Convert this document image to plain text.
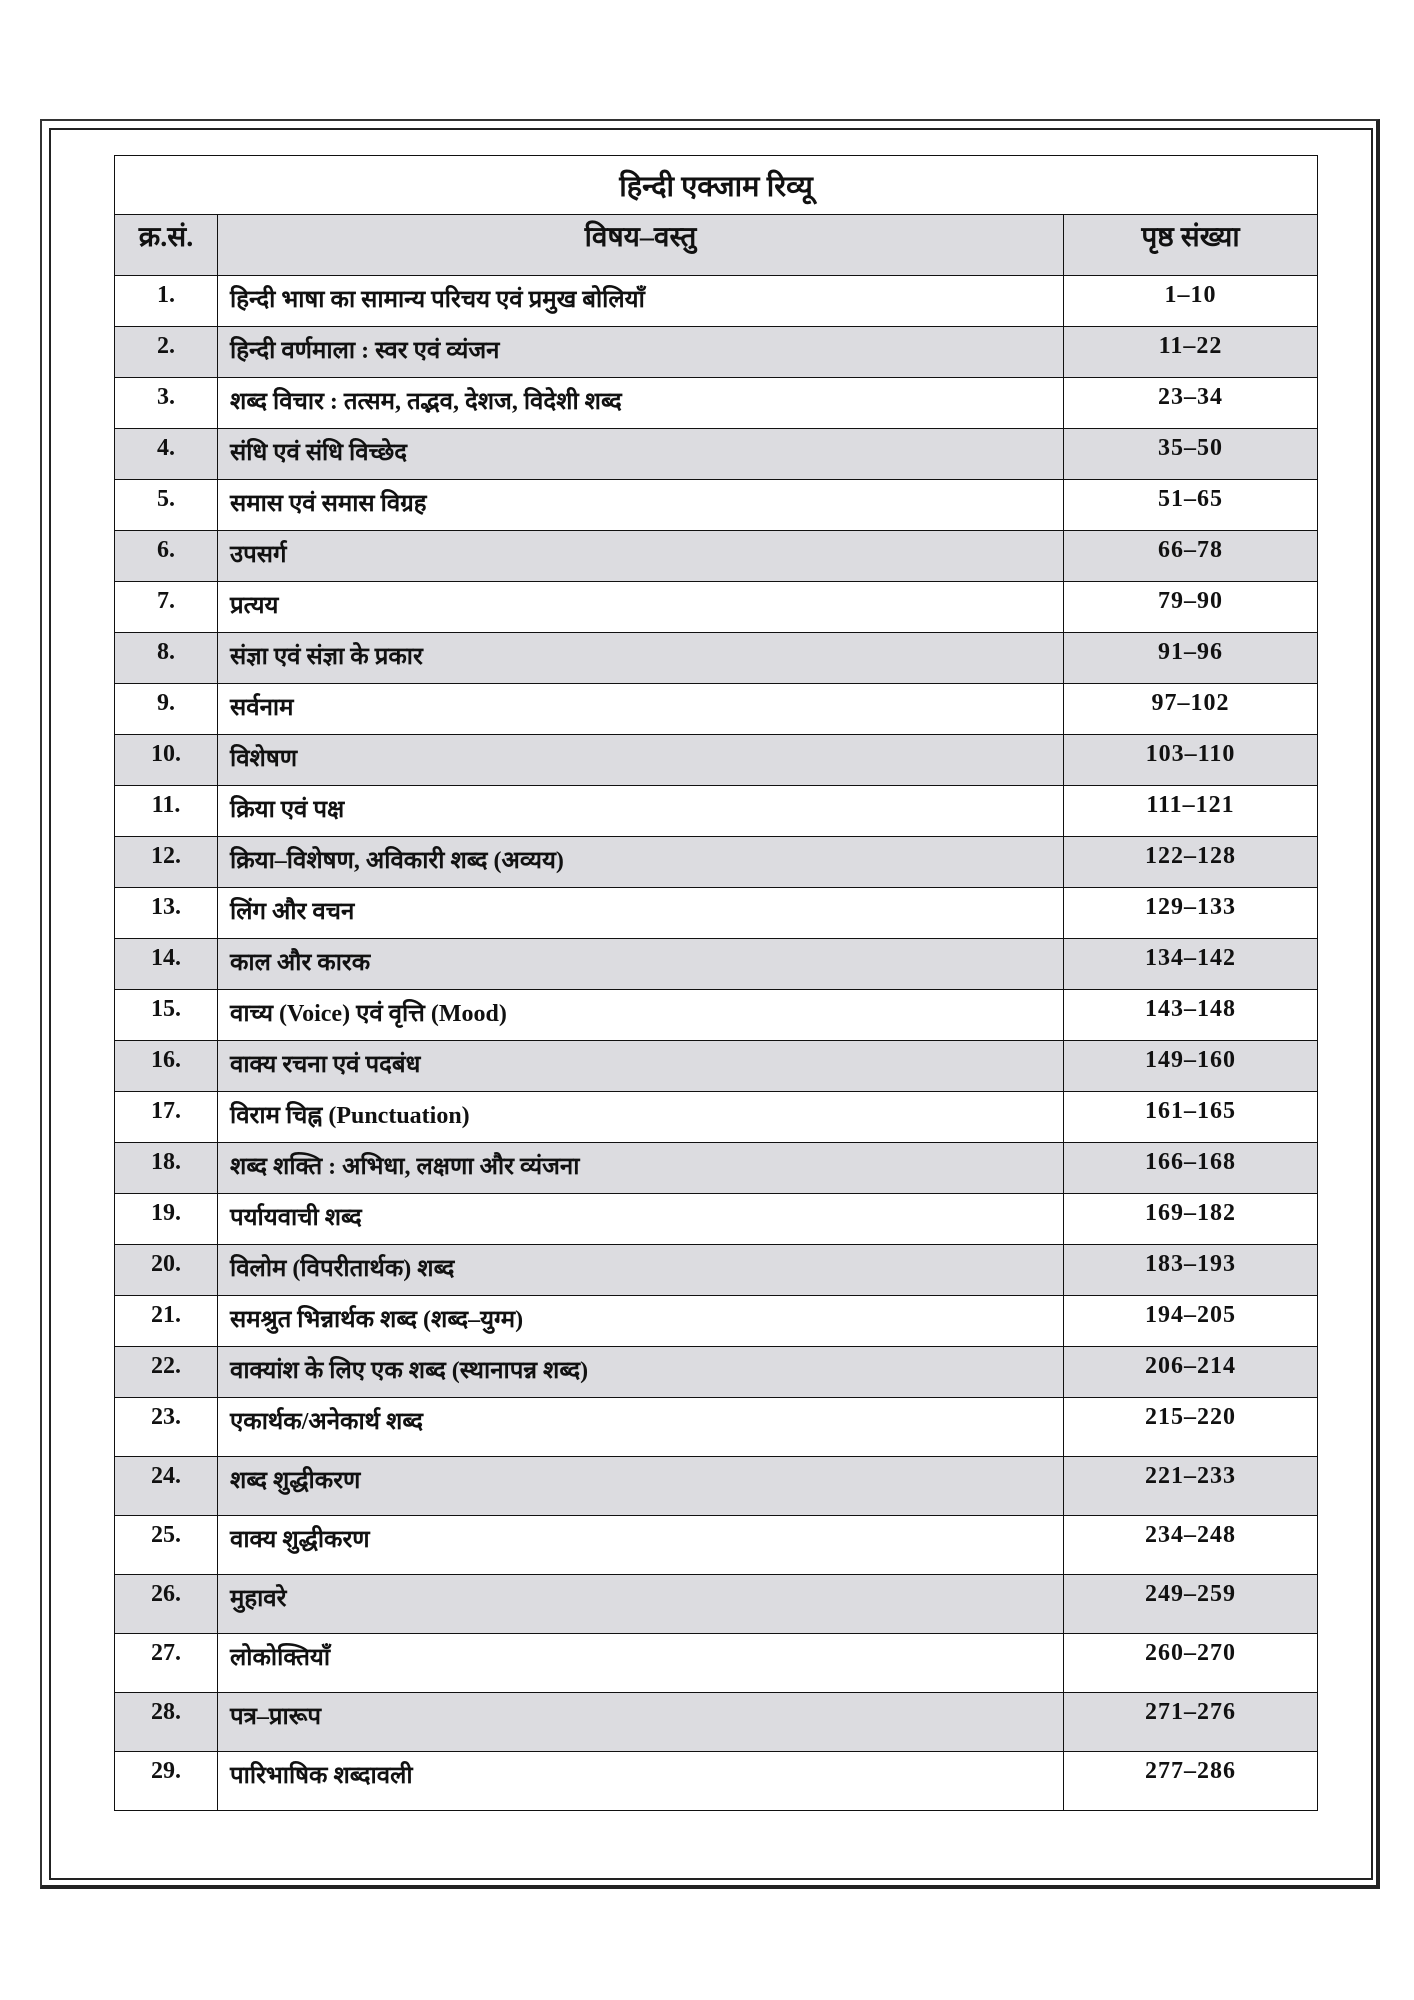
हिन्दी एक्जाम रिव्यू		
क्र.सं.	विषय–वस्तु	पृष्ठ संख्या
1.	हिन्दी भाषा का सामान्य परिचय एवं प्रमुख बोलियाँ	1–10
2.	हिन्दी वर्णमाला : स्वर एवं व्यंजन	11–22
3.	शब्द विचार : तत्सम, तद्भव, देशज, विदेशी शब्द	23–34
4.	संधि एवं संधि विच्छेद	35–50
5.	समास एवं समास विग्रह	51–65
6.	उपसर्ग	66–78
7.	प्रत्यय	79–90
8.	संज्ञा एवं संज्ञा के प्रकार	91–96
9.	सर्वनाम	97–102
10.	विशेषण	103–110
11.	क्रिया एवं पक्ष	111–121
12.	क्रिया–विशेषण, अविकारी शब्द (अव्यय)	122–128
13.	लिंग और वचन	129–133
14.	काल और कारक	134–142
15.	वाच्य (Voice) एवं वृत्ति (Mood)	143–148
16.	वाक्य रचना एवं पदबंध	149–160
17.	विराम चिह्न (Punctuation)	161–165
18.	शब्द शक्ति : अभिधा, लक्षणा और व्यंजना	166–168
19.	पर्यायवाची शब्द	169–182
20.	विलोम (विपरीतार्थक) शब्द	183–193
21.	समश्रुत भिन्नार्थक शब्द (शब्द–युग्म)	194–205
22.	वाक्यांश के लिए एक शब्द (स्थानापन्न शब्द)	206–214
23.	एकार्थक/अनेकार्थ शब्द	215–220
24.	शब्द शुद्धीकरण	221–233
25.	वाक्य शुद्धीकरण	234–248
26.	मुहावरे	249–259
27.	लोकोक्तियाँ	260–270
28.	पत्र–प्रारूप	271–276
29.	पारिभाषिक शब्दावली	277–286
